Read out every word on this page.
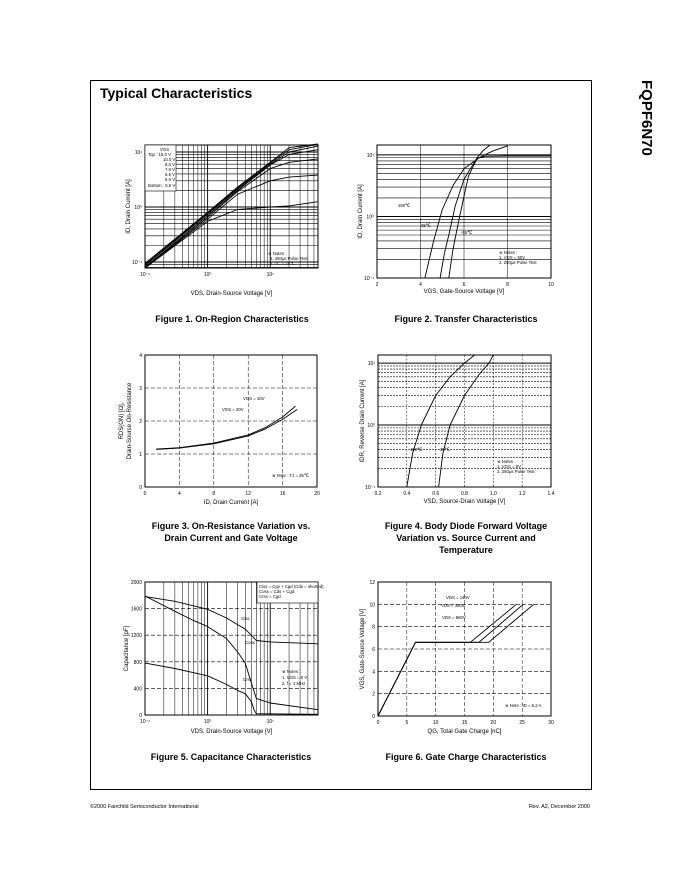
Typical Characteristics	FQPF6N70
10⁻¹	10⁰	10¹
10⁻¹
10⁰
10¹
VGS
Top : 15.0 V
10.0 V
8.0 V
7.0 V
6.5 V
6.0 V
Bottom : 5.5 V
※ Notes :
1. 250μs Pulse Test
2. TC = 25℃
VDS, Drain-Source Voltage [V]
ID, Drain Current [A]
2	4	6	8	10
10⁻¹
10⁰
10¹
150℃
25℃
-55℃
※ Notes :
1. VDS = 50V
2. 250μs Pulse Test
VGS, Gate-Source Voltage [V]
ID, Drain Current [A]
0	4	8	12	16	20
0
1
2
3
4
VGS = 10V
VGS = 20V
※ Note : TJ = 25℃
ID, Drain Current [A]
RDS(ON) [Ω], Drain-Source On-Resistance
0.2	0.4	0.6	0.8	1.0	1.2	1.4
10⁻¹
10⁰
10¹
150℃	25℃
※ Notes :
1. VGS = 0V
2. 250μs Pulse Test
VSD, Source-Drain Voltage [V]
IDR, Reverse Drain Current [A]
10⁻¹	10⁰	10¹
0
400
800
1200
1600
2000
Ciss = Cgs + Cgd (Cds = shorted)
Coss = Cds + Cgd
Crss = Cgd
Ciss
Coss
Crss
※ Notes :
1. VGS = 0 V
2. f = 1 MHz
VDS, Drain-Source Voltage [V]
Capacitance [pF]
0	5	10	15	20	25	30
0
2
4
6
8
10
12
VDS = 140V
VDS = 350V
VDS = 560V
※ Note : ID = 6.2 A
QG, Total Gate Charge [nC]
VGS, Gate-Source Voltage [V]
Figure 1. On-Region Characteristics	Figure 2. Transfer Characteristics
Figure 3. On-Resistance Variation vs.
Drain Current and Gate Voltage
Figure 4. Body Diode Forward Voltage
Variation vs. Source Current and
Temperature
Figure 5. Capacitance Characteristics	Figure 6. Gate Charge Characteristics
©2000 Fairchild Semiconductor International	Rev. A2, December 2000
